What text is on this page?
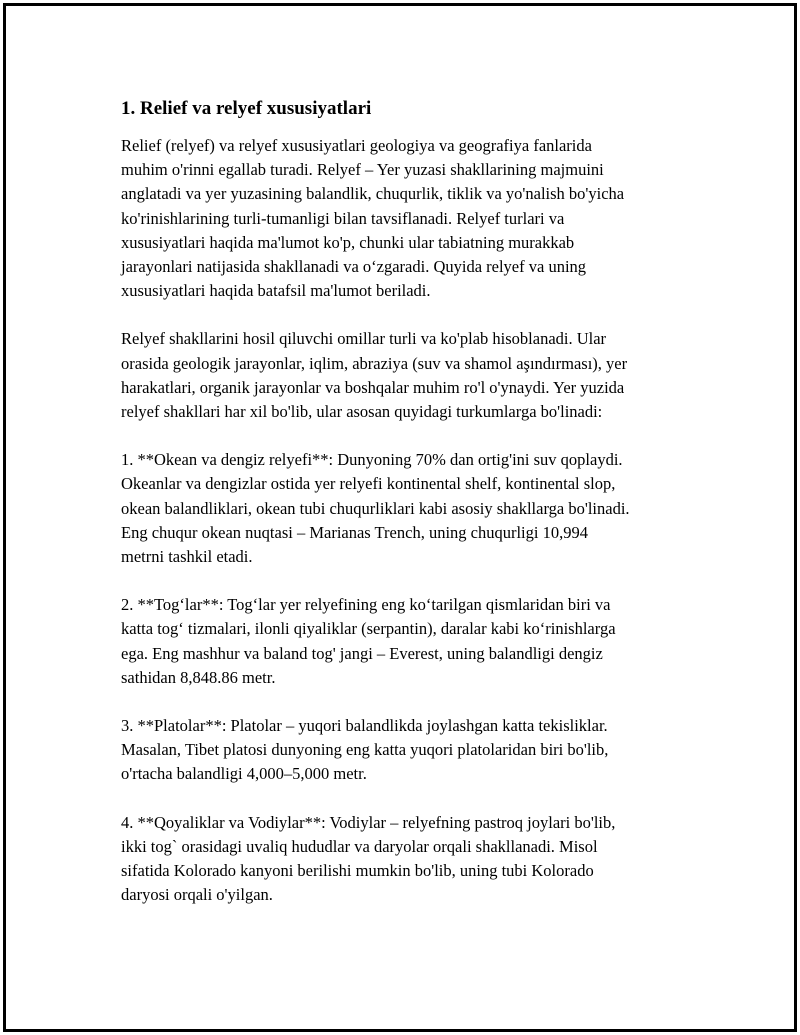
1. Relief va relyef xususiyatlari
Relief (relyef) va relyef xususiyatlari geologiya va geografiya fanlarida
muhim o'rinni egallab turadi. Relyef – Yer yuzasi shakllarining majmuini
anglatadi va yer yuzasining balandlik, chuqurlik, tiklik va yo'nalish bo'yicha
ko'rinishlarining turli-tumanligi bilan tavsiflanadi. Relyef turlari va
xususiyatlari haqida ma'lumot ko'p, chunki ular tabiatning murakkab
jarayonlari natijasida shakllanadi va o‘zgaradi. Quyida relyef va uning
xususiyatlari haqida batafsil ma'lumot beriladi.
Relyef shakllarini hosil qiluvchi omillar turli va ko'plab hisoblanadi. Ular
orasida geologik jarayonlar, iqlim, abraziya (suv va shamol aşındırması), yer
harakatlari, organik jarayonlar va boshqalar muhim ro'l o'ynaydi. Yer yuzida
relyef shakllari har xil bo'lib, ular asosan quyidagi turkumlarga bo'linadi:
1. **Okean va dengiz relyefi**: Dunyoning 70% dan ortig'ini suv qoplaydi.
Okeanlar va dengizlar ostida yer relyefi kontinental shelf, kontinental slop,
okean balandliklari, okean tubi chuqurliklari kabi asosiy shakllarga bo'linadi.
Eng chuqur okean nuqtasi – Marianas Trench, uning chuqurligi 10,994
metrni tashkil etadi.
2. **Tog‘lar**: Tog‘lar yer relyefining eng ko‘tarilgan qismlaridan biri va
katta tog‘ tizmalari, ilonli qiyaliklar (serpantin), daralar kabi ko‘rinishlarga
ega. Eng mashhur va baland tog' jangi – Everest, uning balandligi dengiz
sathidan 8,848.86 metr.
3. **Platolar**: Platolar – yuqori balandlikda joylashgan katta tekisliklar.
Masalan, Tibet platosi dunyoning eng katta yuqori platolaridan biri bo'lib,
o'rtacha balandligi 4,000–5,000 metr.
4. **Qoyaliklar va Vodiylar**: Vodiylar – relyefning pastroq joylari bo'lib,
ikki tog` orasidagi uvaliq hududlar va daryolar orqali shakllanadi. Misol
sifatida Kolorado kanyoni berilishi mumkin bo'lib, uning tubi Kolorado
daryosi orqali o'yilgan.
